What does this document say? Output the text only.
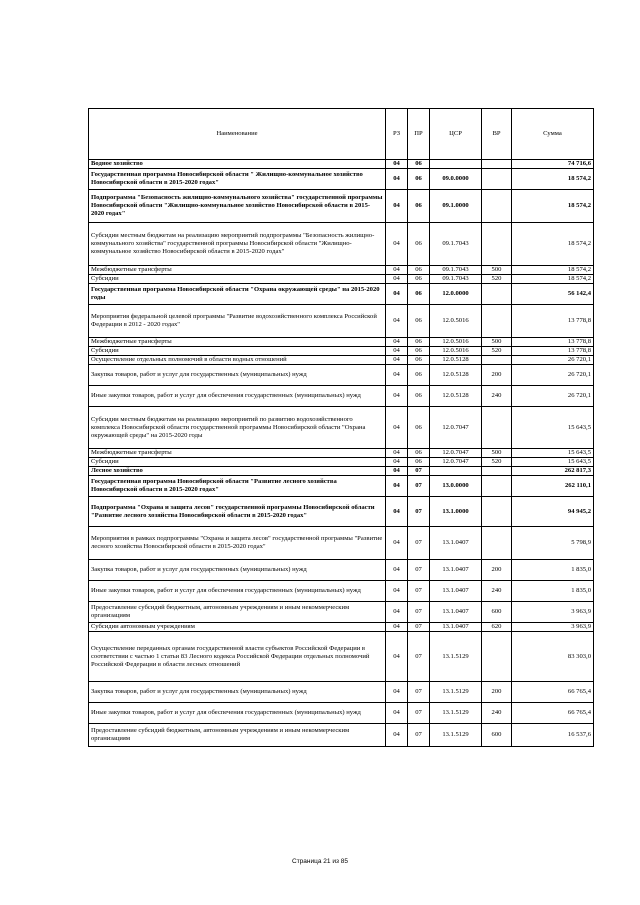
Наименование	РЗ	ПР	ЦСР	ВР	Сумма
Водное хозяйство	04	06			74 716,6
Государственная программа Новосибирской области " Жилищно-коммунальное хозяйство Новосибирской области в 2015-2020 годах"	04	06	09.0.0000		18 574,2
Подпрограмма "Безопасность жилищно-коммунального хозяйства" государственной программы Новосибирской области "Жилищно-коммунальное хозяйство Новосибирской области в 2015-2020 годах"	04	06	09.1.0000		18 574,2
Субсидии местным бюджетам на реализацию мероприятий подпрограммы "Безопасность жилищно-коммунального хозяйства" государственной программы Новосибирской области "Жилищно-коммунальное хозяйство Новосибирской области в 2015-2020 годах"	04	06	09.1.7043		18 574,2
Межбюджетные трансферты	04	06	09.1.7043	500	18 574,2
Субсидии	04	06	09.1.7043	520	18 574,2
Государственная программа Новосибирской области "Охрана окружающей среды" на 2015-2020 годы	04	06	12.0.0000		56 142,4
Мероприятия федеральной целевой программы "Развитие водохозяйственного комплекса Российской Федерации в 2012 - 2020 годах"	04	06	12.0.5016		13 778,8
Межбюджетные трансферты	04	06	12.0.5016	500	13 778,8
Субсидии	04	06	12.0.5016	520	13 778,8
Осуществление отдельных полномочий в области водных отношений	04	06	12.0.5128		26 720,1
Закупка товаров, работ и услуг для государственных (муниципальных) нужд	04	06	12.0.5128	200	26 720,1
Иные закупки товаров, работ и услуг для обеспечения государственных (муниципальных) нужд	04	06	12.0.5128	240	26 720,1
Субсидии местным бюджетам на реализацию мероприятий по развитию водохозяйственного комплекса Новосибирской области государственной программы Новосибирской области "Охрана окружающей среды" на 2015-2020 годы	04	06	12.0.7047		15 643,5
Межбюджетные трансферты	04	06	12.0.7047	500	15 643,5
Субсидии	04	06	12.0.7047	520	15 643,5
Лесное хозяйство	04	07			262 817,3
Государственная программа Новосибирской области "Развитие лесного хозяйства Новосибирской области в 2015-2020 годах"	04	07	13.0.0000		262 110,1
Подпрограмма "Охрана и защита лесов" государственной программы Новосибирской области "Развитие лесного хозяйства Новосибирской области в 2015-2020 годах"	04	07	13.1.0000		94 945,2
Мероприятия в рамках подпрограммы "Охрана и защита лесов" государственной программы "Развитие лесного хозяйства Новосибирской области в 2015-2020 годах"	04	07	13.1.0407		5 798,9
Закупка товаров, работ и услуг для государственных (муниципальных) нужд	04	07	13.1.0407	200	1 835,0
Иные закупки товаров, работ и услуг для обеспечения государственных (муниципальных) нужд	04	07	13.1.0407	240	1 835,0
Предоставление субсидий бюджетным, автономным учреждениям и иным некоммерческим организациям	04	07	13.1.0407	600	3 963,9
Субсидии автономным учреждениям	04	07	13.1.0407	620	3 963,9
Осуществление переданных органам государственной власти субъектов Российской Федерации в соответствии с частью 1 статьи 83 Лесного кодекса Российской Федерации отдельных полномочий Российской Федерации в области лесных отношений	04	07	13.1.5129		83 303,0
Закупка товаров, работ и услуг для государственных (муниципальных) нужд	04	07	13.1.5129	200	66 765,4
Иные закупки товаров, работ и услуг для обеспечения государственных (муниципальных) нужд	04	07	13.1.5129	240	66 765,4
Предоставление субсидий бюджетным, автономным учреждениям и иным некоммерческим организациям	04	07	13.1.5129	600	16 537,6
Страница 21 из 85
